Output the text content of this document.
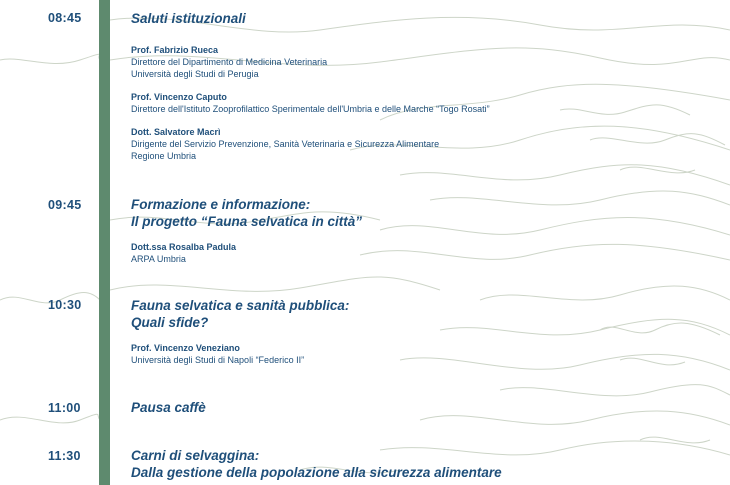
08:45	Saluti istituzionali
Prof. Fabrizio Rueca
Direttore del Dipartimento di Medicina Veterinaria
Università degli Studi di Perugia
Prof. Vincenzo Caputo
Direttore dell'Istituto Zooprofilattico Sperimentale dell'Umbria e delle Marche “Togo Rosati”
Dott. Salvatore Macrì
Dirigente del Servizio Prevenzione, Sanità Veterinaria e Sicurezza Alimentare
Regione Umbria
09:45	Formazione e informazione:
Il progetto “Fauna selvatica in città”
Dott.ssa Rosalba Padula
ARPA Umbria
10:30	Fauna selvatica e sanità pubblica:
Quali sfide?
Prof. Vincenzo Veneziano
Università degli Studi di Napoli “Federico II”
11:00	Pausa caffè
11:30	Carni di selvaggina:
Dalla gestione della popolazione alla sicurezza alimentare
